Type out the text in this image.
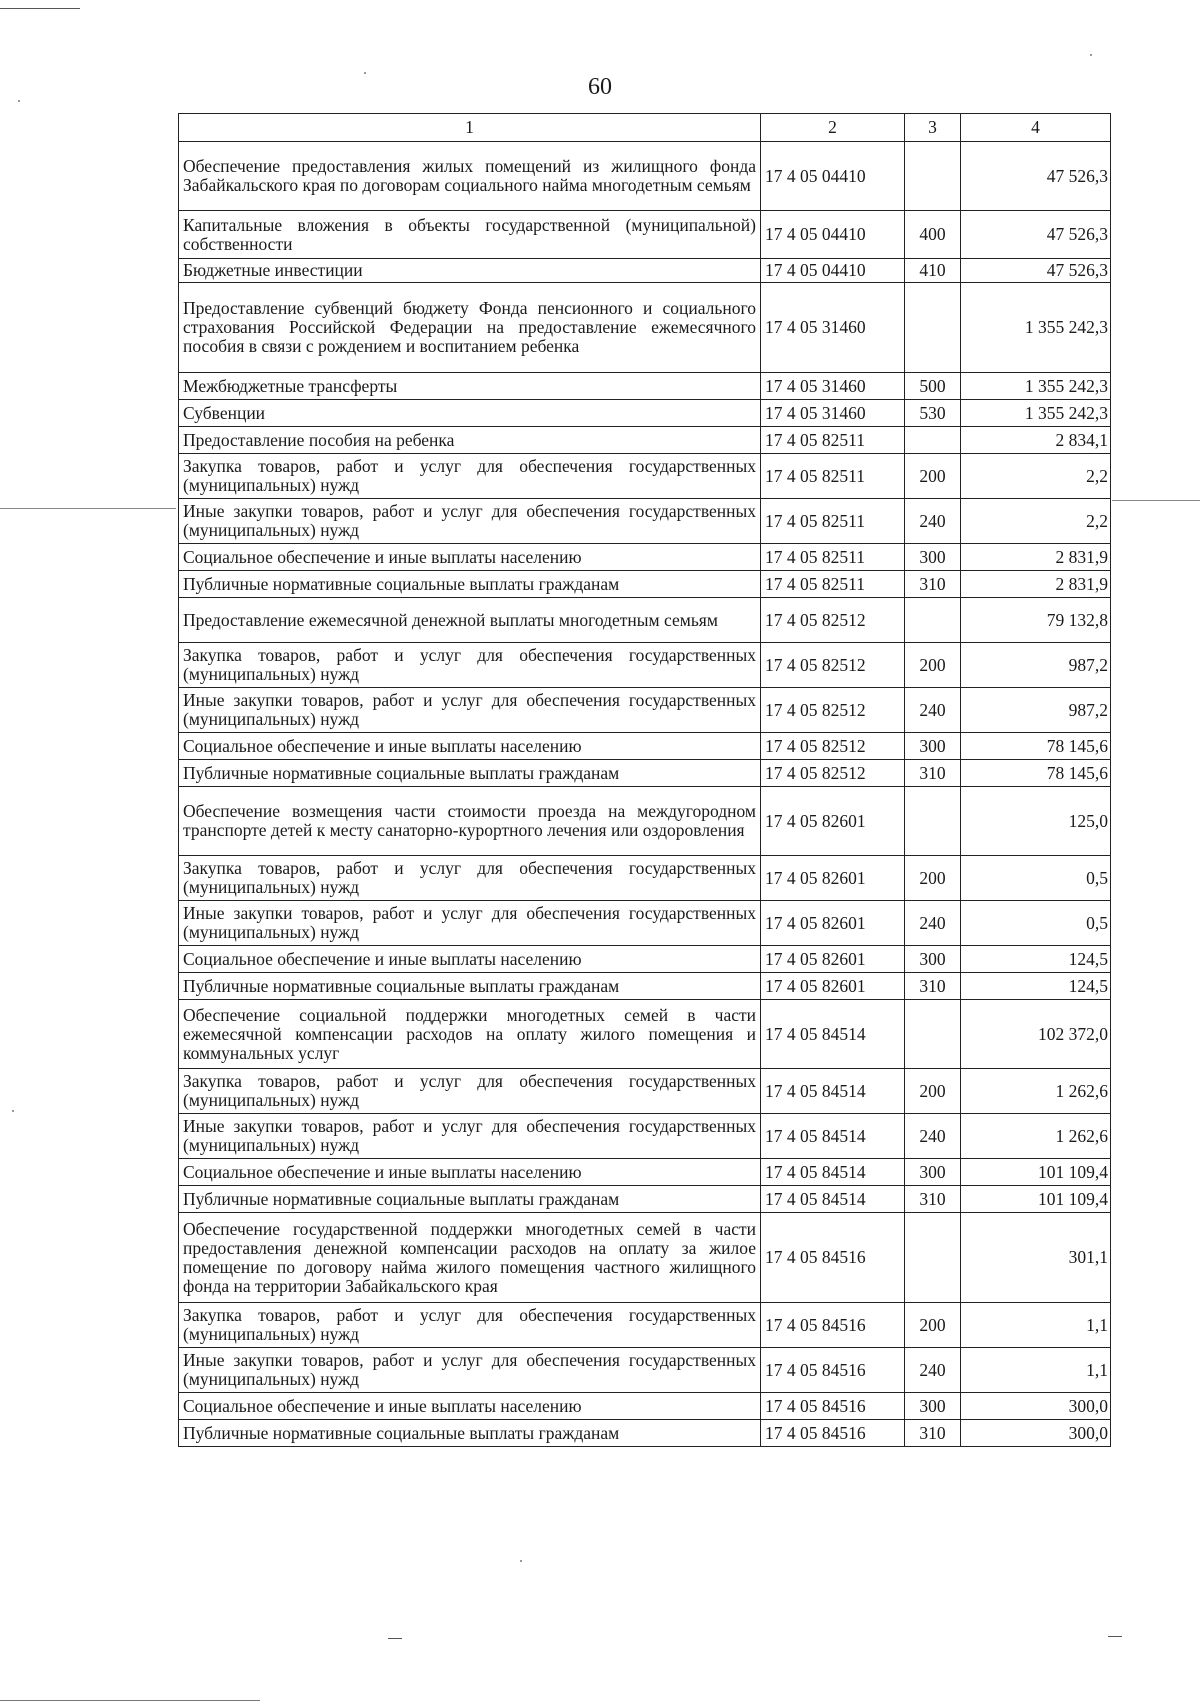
60
1	2	3	4
Обеспечение предоставления жилых помещений из жилищного фонда Забайкальского края по договорам социального найма многодетным семьям	17 4 05 04410		47 526,3
Капитальные вложения в объекты государственной (муниципальной) собственности	17 4 05 04410	400	47 526,3
Бюджетные инвестиции	17 4 05 04410	410	47 526,3
Предоставление субвенций бюджету Фонда пенсионного и социального страхования Российской Федерации на предоставление ежемесячного пособия в связи с рождением и воспитанием ребенка	17 4 05 31460		1 355 242,3
Межбюджетные трансферты	17 4 05 31460	500	1 355 242,3
Субвенции	17 4 05 31460	530	1 355 242,3
Предоставление пособия на ребенка	17 4 05 82511		2 834,1
Закупка товаров, работ и услуг для обеспечения государственных (муниципальных) нужд	17 4 05 82511	200	2,2
Иные закупки товаров, работ и услуг для обеспечения государственных (муниципальных) нужд	17 4 05 82511	240	2,2
Социальное обеспечение и иные выплаты населению	17 4 05 82511	300	2 831,9
Публичные нормативные социальные выплаты гражданам	17 4 05 82511	310	2 831,9
Предоставление ежемесячной денежной выплаты многодетным семьям	17 4 05 82512		79 132,8
Закупка товаров, работ и услуг для обеспечения государственных (муниципальных) нужд	17 4 05 82512	200	987,2
Иные закупки товаров, работ и услуг для обеспечения государственных (муниципальных) нужд	17 4 05 82512	240	987,2
Социальное обеспечение и иные выплаты населению	17 4 05 82512	300	78 145,6
Публичные нормативные социальные выплаты гражданам	17 4 05 82512	310	78 145,6
Обеспечение возмещения части стоимости проезда на междугородном транспорте детей к месту санаторно-курортного лечения или оздоровления	17 4 05 82601		125,0
Закупка товаров, работ и услуг для обеспечения государственных (муниципальных) нужд	17 4 05 82601	200	0,5
Иные закупки товаров, работ и услуг для обеспечения государственных (муниципальных) нужд	17 4 05 82601	240	0,5
Социальное обеспечение и иные выплаты населению	17 4 05 82601	300	124,5
Публичные нормативные социальные выплаты гражданам	17 4 05 82601	310	124,5
Обеспечение социальной поддержки многодетных семей в части ежемесячной компенсации расходов на оплату жилого помещения и коммунальных услуг	17 4 05 84514		102 372,0
Закупка товаров, работ и услуг для обеспечения государственных (муниципальных) нужд	17 4 05 84514	200	1 262,6
Иные закупки товаров, работ и услуг для обеспечения государственных (муниципальных) нужд	17 4 05 84514	240	1 262,6
Социальное обеспечение и иные выплаты населению	17 4 05 84514	300	101 109,4
Публичные нормативные социальные выплаты гражданам	17 4 05 84514	310	101 109,4
Обеспечение государственной поддержки многодетных семей в части предоставления денежной компенсации расходов на оплату за жилое помещение по договору найма жилого помещения частного жилищного фонда на территории Забайкальского края	17 4 05 84516		301,1
Закупка товаров, работ и услуг для обеспечения государственных (муниципальных) нужд	17 4 05 84516	200	1,1
Иные закупки товаров, работ и услуг для обеспечения государственных (муниципальных) нужд	17 4 05 84516	240	1,1
Социальное обеспечение и иные выплаты населению	17 4 05 84516	300	300,0
Публичные нормативные социальные выплаты гражданам	17 4 05 84516	310	300,0
